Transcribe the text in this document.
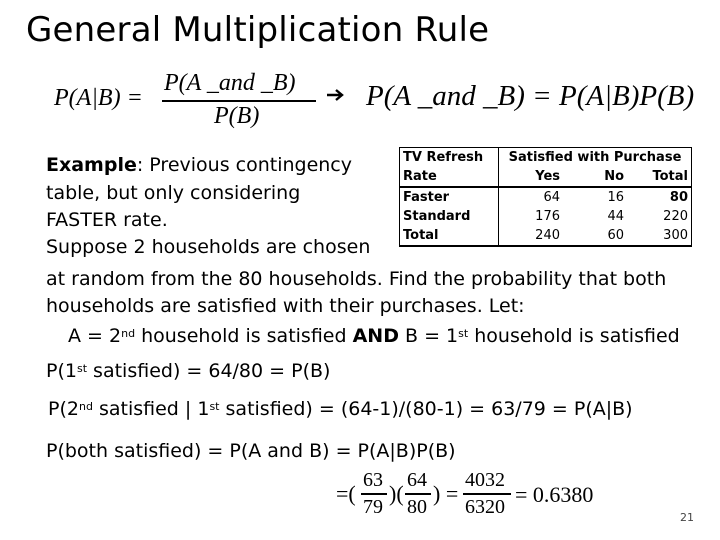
General Multiplication Rule
P(A|B) =
P(A _and _B)
P(B)
P(A _and _B) = P(A|B)P(B)
Example: Previous contingency
table, but only considering
FASTER rate.
Suppose 2 households are chosen
at random from the 80 households. Find the probability that both
households are satisfied with their purchases. Let:
A = 2nd household is satisfied AND B = 1st household is satisfied
P(1st satisfied) = 64/80 = P(B)
P(2nd satisfied | 1st satisfied) = (64-1)/(80-1) = 63/79 = P(A|B)
P(both satisfied) = P(A and B) = P(A|B)P(B)
=(
63
79
)(
64
80
) =
4032
6320 = 0.6380
TV Refresh	Satisfied with Purchase		
Rate	Yes	No	Total
Faster	64	16	80
Standard	176	44	220
Total	240	60	300
21
